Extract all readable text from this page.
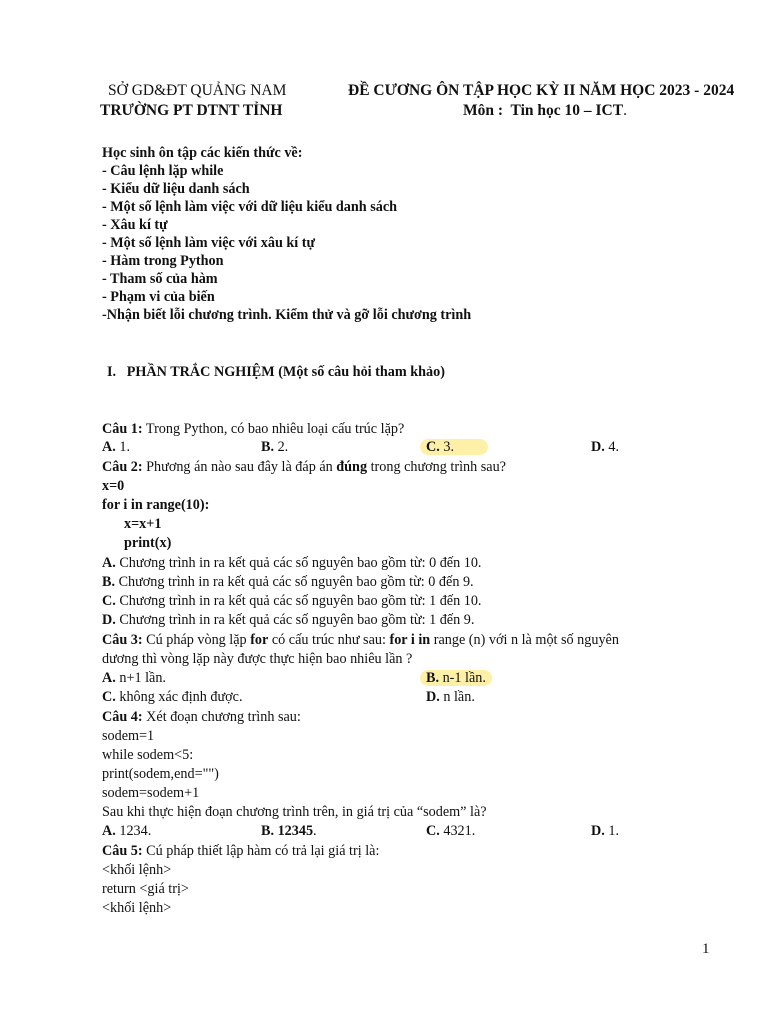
SỞ GD&ĐT QUẢNG NAM
TRƯỜNG PT DTNT TỈNH
ĐỀ CƯƠNG ÔN TẬP HỌC KỲ II NĂM HỌC 2023 - 2024
Môn : Tin học 10 – ICT.
Học sinh ôn tập các kiến thức về:
- Câu lệnh lặp while
- Kiểu dữ liệu danh sách
- Một số lệnh làm việc với dữ liệu kiểu danh sách
- Xâu kí tự
- Một số lệnh làm việc với xâu kí tự
- Hàm trong Python
- Tham số của hàm
- Phạm vi của biến
-Nhận biết lỗi chương trình. Kiểm thử và gỡ lỗi chương trình
I. PHẦN TRẮC NGHIỆM (Một số câu hỏi tham khảo)
Câu 1: Trong Python, có bao nhiêu loại cấu trúc lặp?
A. 1.	B. 2.	C. 3.	D. 4.
Câu 2: Phương án nào sau đây là đáp án đúng trong chương trình sau?
x=0
for i in range(10):
x=x+1
print(x)
A. Chương trình in ra kết quả các số nguyên bao gồm từ: 0 đến 10.
B. Chương trình in ra kết quả các số nguyên bao gồm từ: 0 đến 9.
C. Chương trình in ra kết quả các số nguyên bao gồm từ: 1 đến 10.
D. Chương trình in ra kết quả các số nguyên bao gồm từ: 1 đến 9.
Câu 3: Cú pháp vòng lặp for có cấu trúc như sau: for i in range (n) với n là một số nguyên
dương thì vòng lặp này được thực hiện bao nhiêu lần ?
A. n+1 lần.	B. n-1 lần.
C. không xác định được.	D. n lần.
Câu 4: Xét đoạn chương trình sau:
sodem=1
while sodem<5:
print(sodem,end="")
sodem=sodem+1
Sau khi thực hiện đoạn chương trình trên, in giá trị của “sodem” là?
A. 1234.	B. 12345.	C. 4321.	D. 1.
Câu 5: Cú pháp thiết lập hàm có trả lại giá trị là:
<khối lệnh>
return <giá trị>
<khối lệnh>
1
